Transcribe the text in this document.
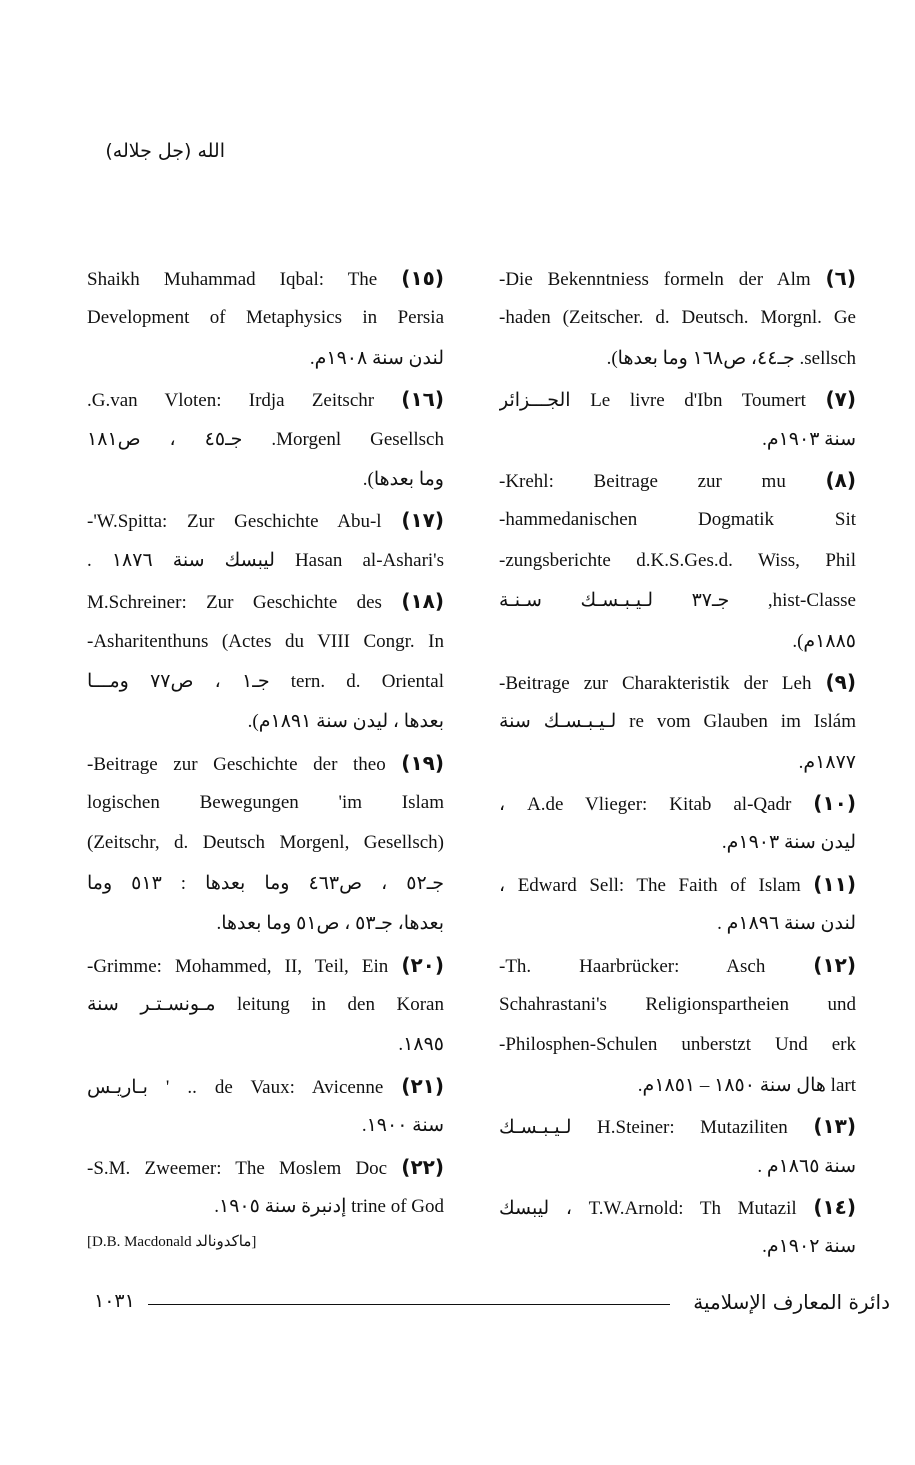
الله (جل جلاله)
(٦) Die Bekenntniess formeln der Alm-
haden (Zeitscher. d. Deutsch. Morgnl. Ge-
sellsch. جـ٤٤، ص١٦٨ وما بعدها).
(٧) Le livre d'Ibn Toumert الجـــزائر
سنة ١٩٠٣م.
(٨) Krehl: Beitrage zur mu-
hammedanischen Dogmatik Sit-
zungsberichte d.K.S.Ges.d. Wiss, Phil-
hist-Classe, جـ٣٧ لـيـبـسـك سـنـة
١٨٨٥م).
(٩) Beitrage zur Charakteristik der Leh-
re vom Glauben im Islám لـيـبـسـك سنة
١٨٧٧م.
(١٠) A.de Vlieger: Kitab al-Qadr ،
ليدن سنة ١٩٠٣م.
(١١) Edward Sell: The Faith of Islam ،
لندن سنة ١٨٩٦م .
(١٢) Th. Haarbrücker: Asch-
Schahrastani's Religionspartheien und
Philosphen-Schulen unberstzt Und erk-
lart هال سنة ١٨٥٠ – ١٨٥١م.
(١٣) H.Steiner: Mutaziliten لـيـبـسـك
سنة ١٨٦٥م .
(١٤) T.W.Arnold: Th Mutazil ، ليبسك
سنة ١٩٠٢م.
(١٥) Shaikh Muhammad Iqbal: The
Development of Metaphysics in Persia
لندن سنة ١٩٠٨م.
(١٦) G.van Vloten: Irdja Zeitschr.
Morgenl Gesellsch. جـ٤٥ ، ص١٨١
وما بعدها).
(١٧) W.Spitta: Zur Geschichte Abu-l'-
Hasan al-Ashari's ليبسك سنة ١٨٧٦ .
(١٨) M.Schreiner: Zur Geschichte des
Asharitenthuns (Actes du VIII Congr. In-
tern. d. Oriental جـ١ ، ص٧٧ ومـــا
بعدها ، ليدن سنة ١٨٩١م).
(١٩) Beitrage zur Geschichte der theo-
logischen Bewegungen 'im Islam
(Zeitschr, d. Deutsch Morgenl, Gesellsch)
جـ٥٢ ، ص٤٦٣ وما بعدها : ٥١٣ وما
بعدها، جـ٥٣ ، ص٥١ وما بعدها.
(٢٠) Grimme: Mohammed, II, Teil, Ein-
leitung in den Koran مـونسـتـر سنة
١٨٩٥.
(٢١) de Vaux: Avicenne .. ' بـاريـس
سنة ١٩٠٠.
(٢٢) S.M. Zweemer: The Moslem Doc-
trine of God إدنبرة سنة ١٩٠٥.
[ماكدونالد D.B. Macdonald]
١٠٣١	دائرة المعارف الإسلامية
